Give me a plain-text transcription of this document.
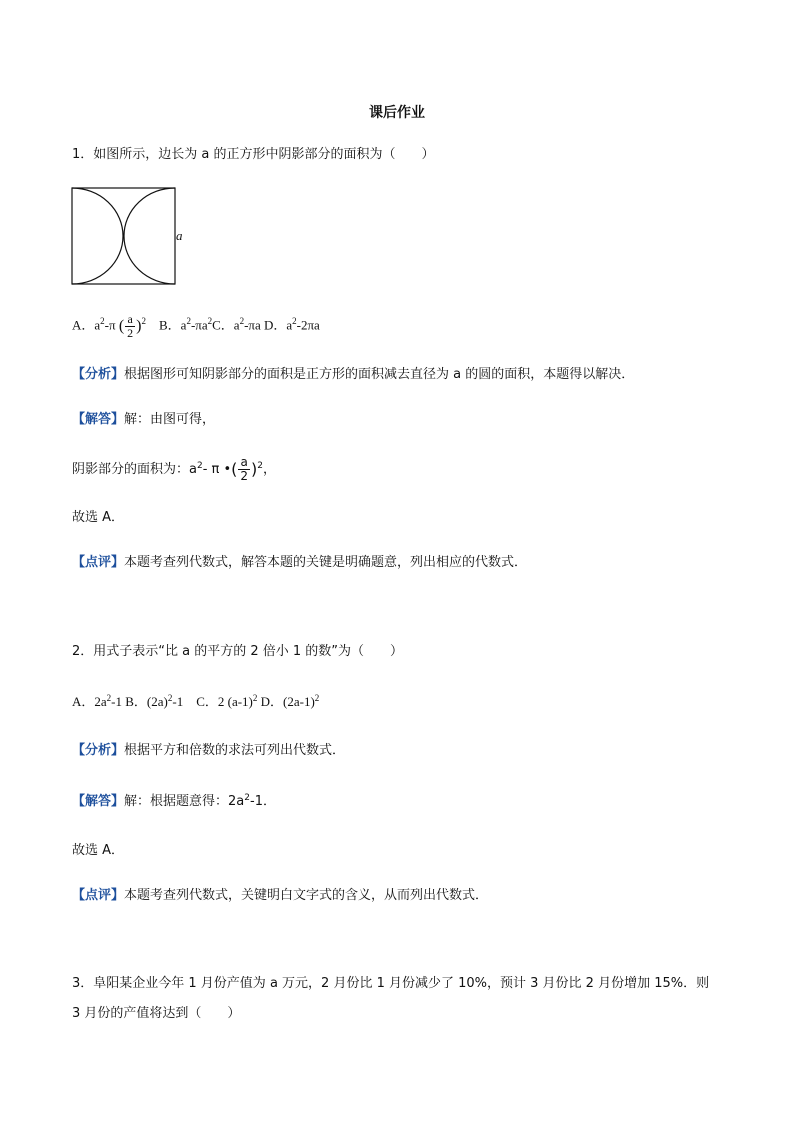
课后作业
1．如图所示，边长为 a 的正方形中阴影部分的面积为（　　）
a
A．$a^2-\pi$ ( $\frac{a}{2} )^2$ B．$a^2-\pi a^2C$．$a^2-\pi a$ D．$a^2-2\pi a$
【分析】根据图形可知阴影部分的面积是正方形的面积减去直径为 a 的圆的面积，本题得以解决．
【解答】解：由图可得，
阴影部分的面积为：$a^2-$ π •( $\frac{a}{2} )^2$，
故选 A．
【点评】本题考查列代数式，解答本题的关键是明确题意，列出相应的代数式．
2．用式子表示“比 a 的平方的 2 倍小 1 的数”为（　　）
A．$2a^2-1$ B．$(2a)^2-1$　C．2 $(a-1)^2$ D．$(2a-1)^2$
【分析】根据平方和倍数的求法可列出代数式．
【解答】解：根据题意得：$2a^2-1$．
故选 A．
【点评】本题考查列代数式，关键明白文字式的含义，从而列出代数式．
3．阜阳某企业今年 1 月份产值为 a 万元，2 月份比 1 月份减少了 10%，预计 3 月份比 2 月份增加 15%．则
3 月份的产值将达到（　　）
